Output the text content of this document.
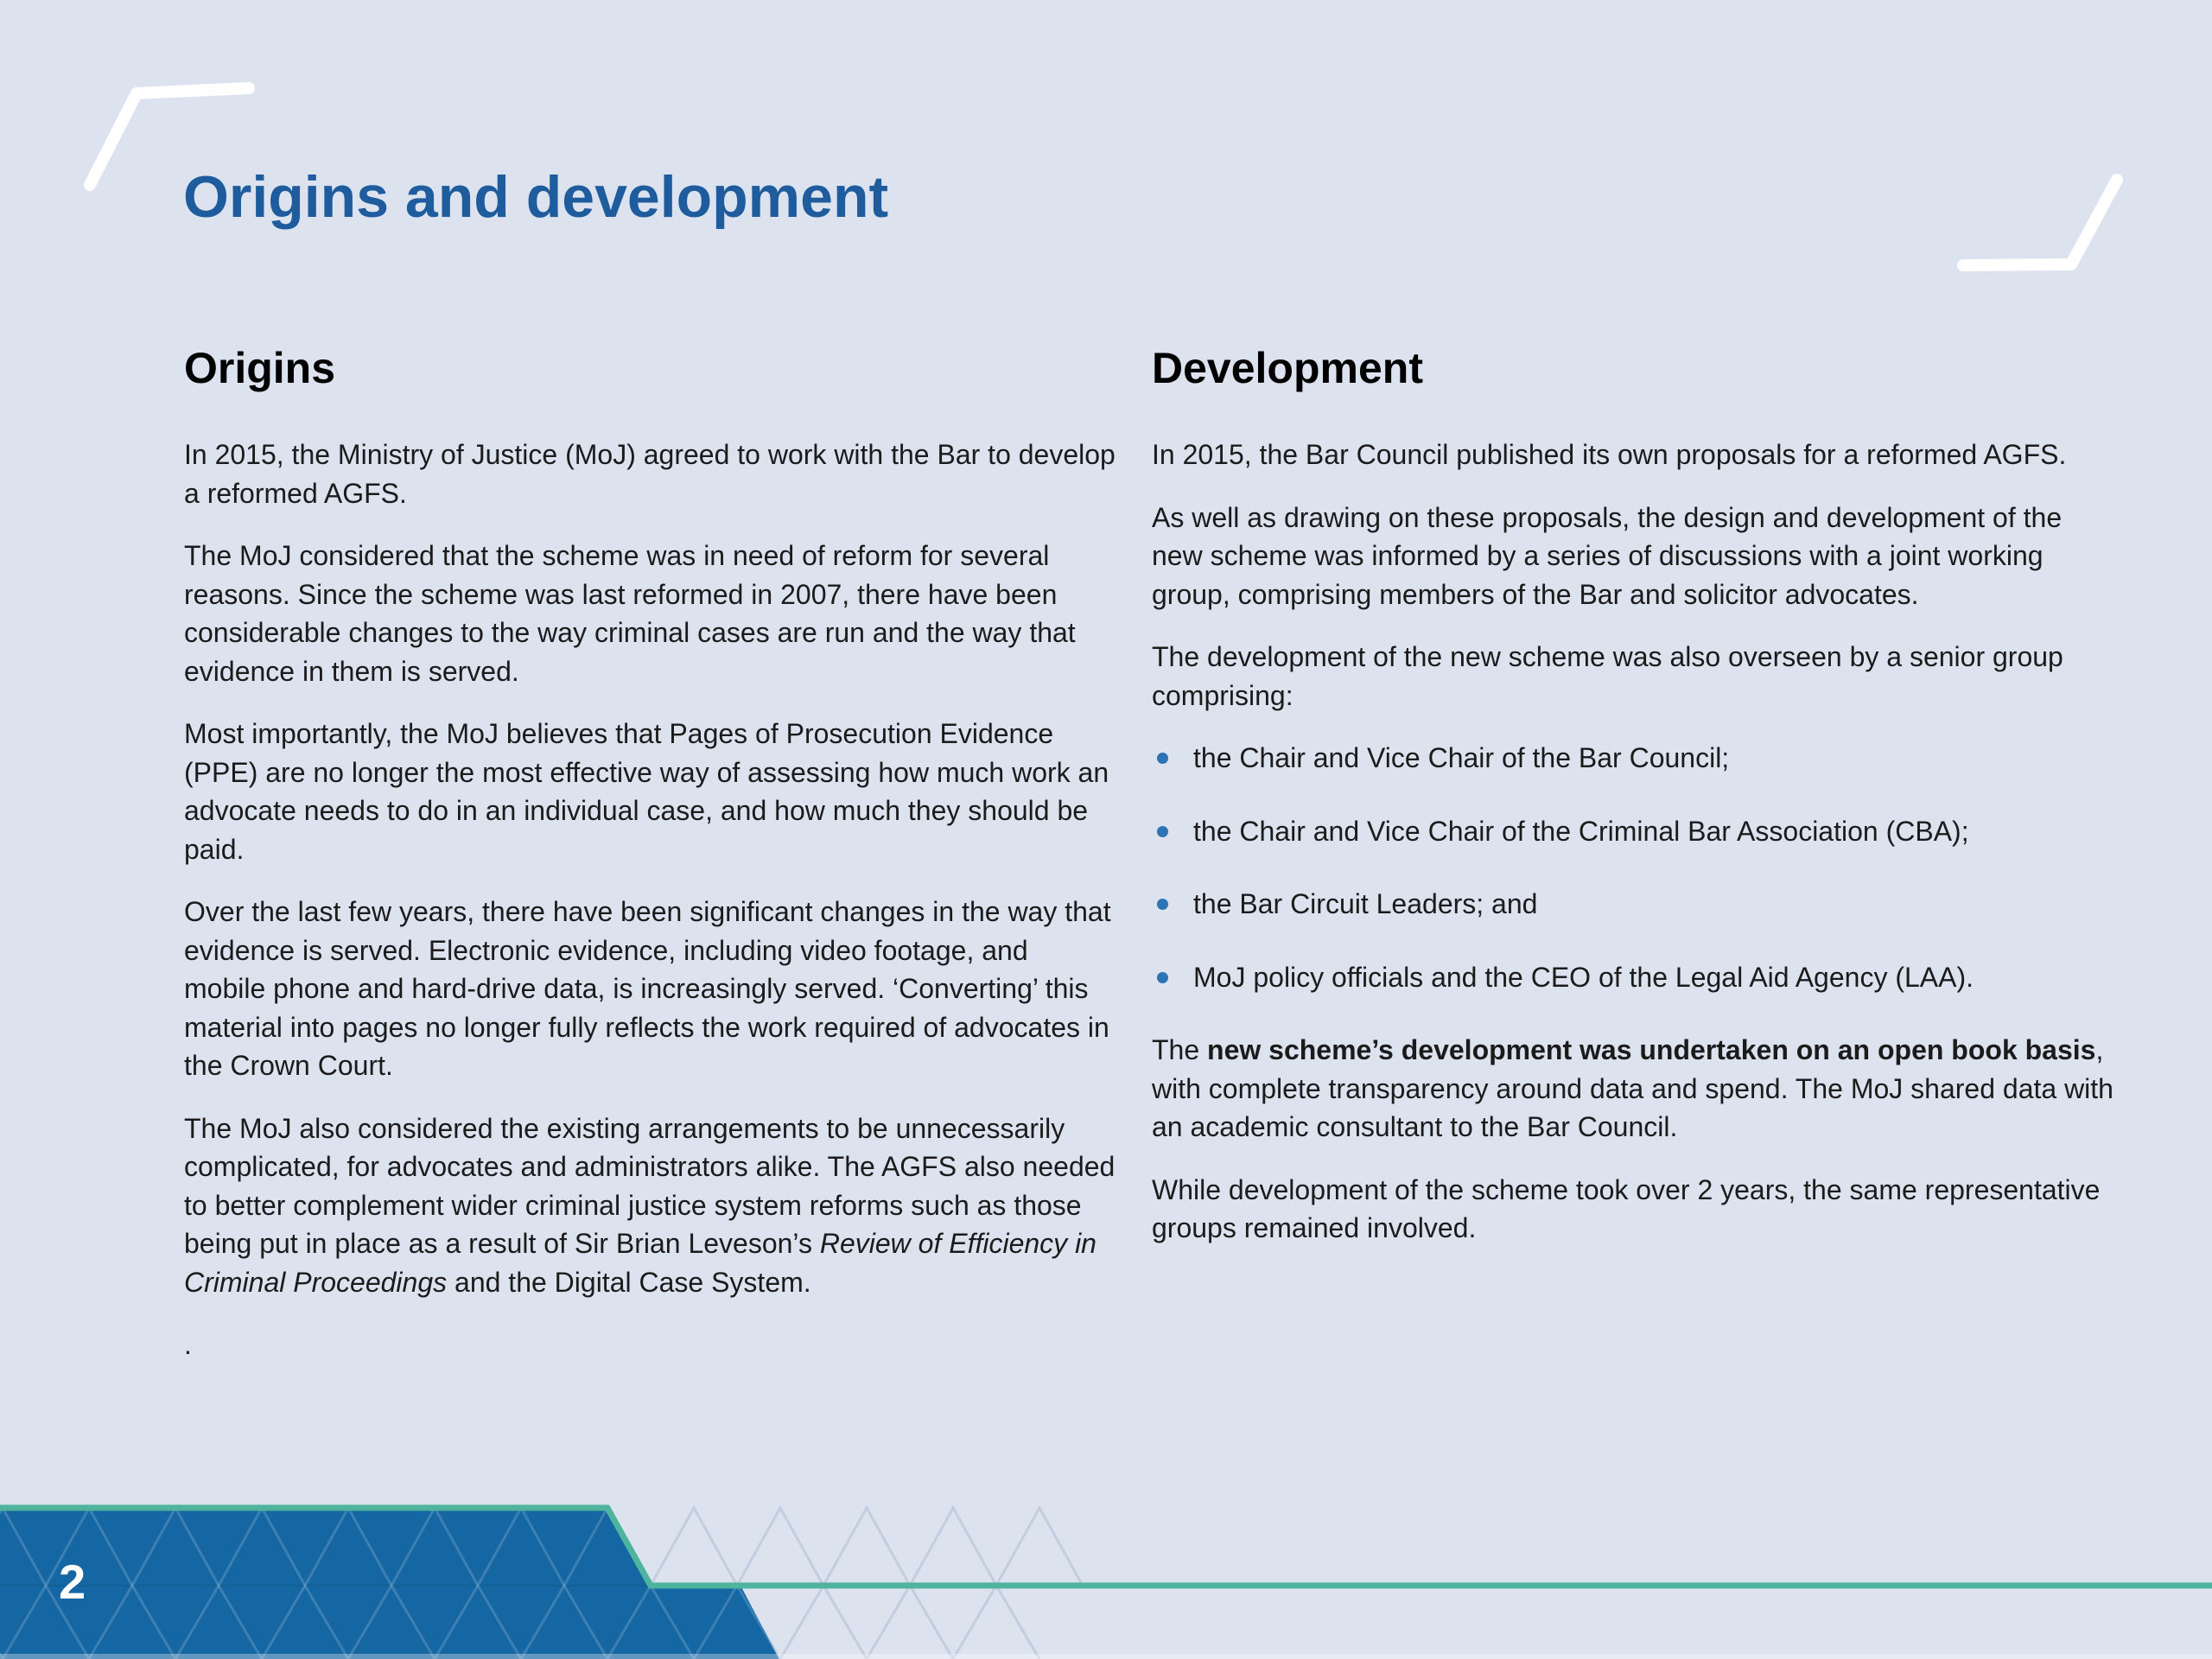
Origins and development
Origins

In 2015, the Ministry of Justice (MoJ) agreed to work with the Bar to develop a reformed AGFS.

The MoJ considered that the scheme was in need of reform for several reasons. Since the scheme was last reformed in 2007, there have been considerable changes to the way criminal cases are run and the way that evidence in them is served.

Most importantly, the MoJ believes that Pages of Prosecution Evidence (PPE) are no longer the most effective way of assessing how much work an advocate needs to do in an individual case, and how much they should be paid.

Over the last few years, there have been significant changes in the way that evidence is served. Electronic evidence, including video footage, and mobile phone and hard-drive data, is increasingly served. ‘Converting’ this material into pages no longer fully reflects the work required of advocates in the Crown Court.

The MoJ also considered the existing arrangements to be unnecessarily complicated, for advocates and administrators alike. The AGFS also needed to better complement wider criminal justice system reforms such as those being put in place as a result of Sir Brian Leveson’s Review of Efficiency in Criminal Proceedings and the Digital Case System.

.

Development

In 2015, the Bar Council published its own proposals for a reformed AGFS.

As well as drawing on these proposals, the design and development of the new scheme was informed by a series of discussions with a joint working group, comprising members of the Bar and solicitor advocates.

The development of the new scheme was also overseen by a senior group comprising:

the Chair and Vice Chair of the Bar Council;
the Chair and Vice Chair of the Criminal Bar Association (CBA);
the Bar Circuit Leaders; and
MoJ policy officials and the CEO of the Legal Aid Agency (LAA).

The new scheme’s development was undertaken on an open book basis, with complete transparency around data and spend. The MoJ shared data with an academic consultant to the Bar Council.

While development of the scheme took over 2 years, the same representative groups remained involved.

2
